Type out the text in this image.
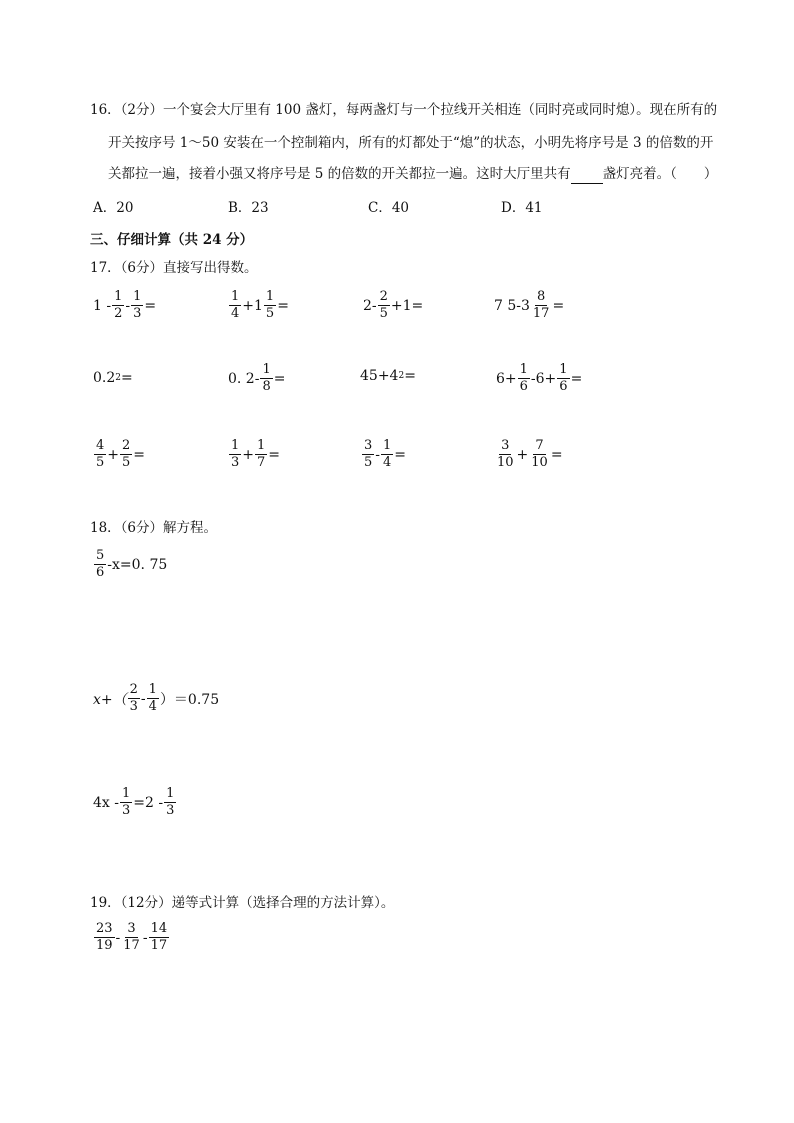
16．（2分）一个宴会大厅里有 100 盏灯，每两盏灯与一个拉线开关相连（同时亮或同时熄）。现在所有的
开关按序号 1～50 安装在一个控制箱内，所有的灯都处于“熄”的状态，小明先将序号是 3 的倍数的开
关都拉一遍，接着小强又将序号是 5 的倍数的开关都拉一遍。这时大厅里共有 盏灯亮着。（　　）
A．20	B．23	C．40	D．41
三、仔细计算（共 24 分）
17．（6分）直接写出得数。
$1 - \frac{1}{2} - \frac{1}{3}$ =	$\frac{1}{4} +1 \frac{1}{5}$ =	$2- \frac{2}{5} +1=$	7 $5-3 \frac{8}{17}$ =
0.2 2 =	0. $2- \frac{1}{8}$ =	45+4 2 =	$6+ \frac{1}{6} -6+ \frac{1}{6}$ =
$\frac{4}{5} + \frac{2}{5}$ =	$\frac{1}{3} + \frac{1}{7}$ =	$\frac{3}{5} - \frac{1}{4}$ =	$\frac{3}{10} + \frac{7}{10}$ =
18．（6分）解方程。
$\frac{5}{6} -x=0$. 75
$x+( \frac{2}{3} - \frac{1}{4} )=0.75$
$4x - \frac{1}{3} =2 - \frac{1}{3}$
19．（12分）递等式计算（选择合理的方法计算）。
$\frac{23}{19} - \frac{3}{17} - \frac{14}{17}$
